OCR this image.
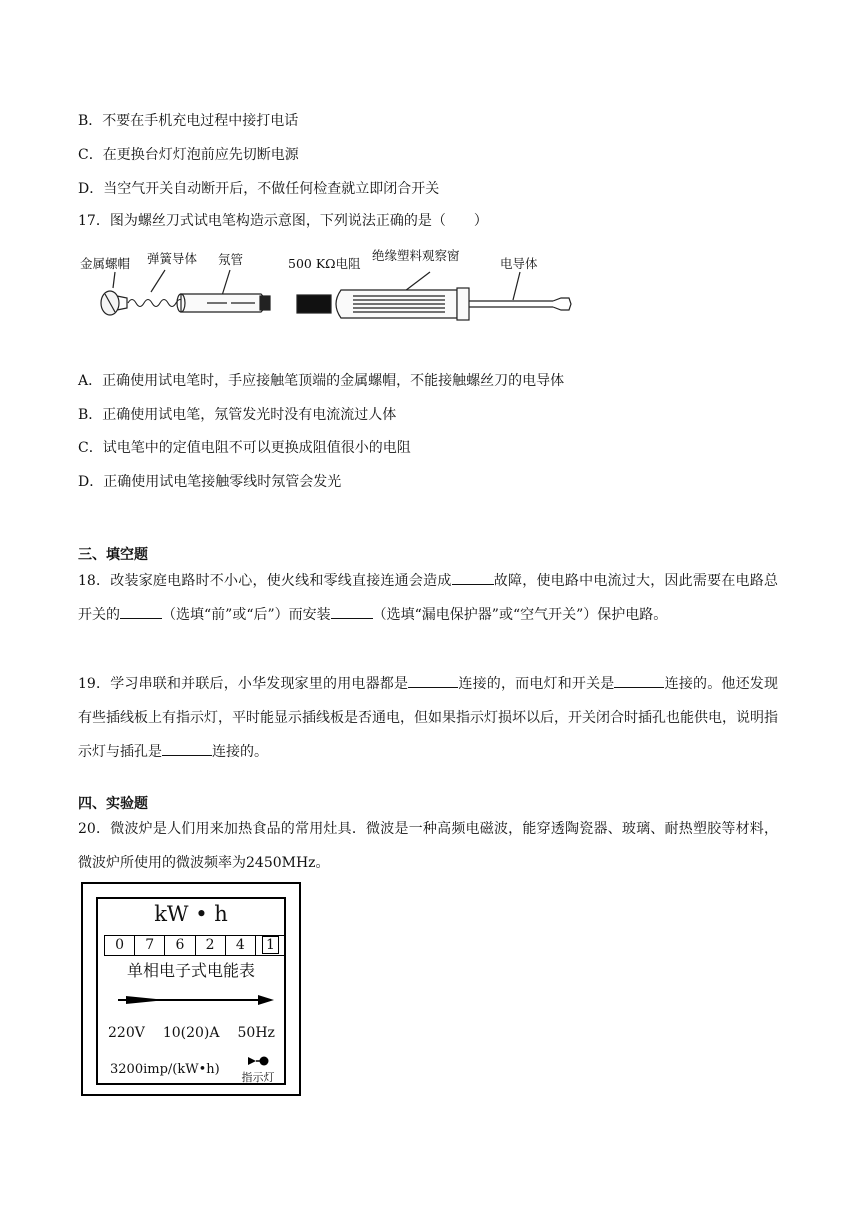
B．不要在手机充电过程中接打电话
C．在更换台灯灯泡前应先切断电源
D．当空气开关自动断开后，不做任何检查就立即闭合开关
17．图为螺丝刀式试电笔构造示意图，下列说法正确的是（　　）
金属螺帽 弹簧导体 氖管	500 KΩ电阻
绝缘塑料观察窗
电导体
A．正确使用试电笔时，手应接触笔顶端的金属螺帽，不能接触螺丝刀的电导体
B．正确使用试电笔，氖管发光时没有电流流过人体
C．试电笔中的定值电阻不可以更换成阻值很小的电阻
D．正确使用试电笔接触零线时氖管会发光
三、填空题
18．改装家庭电路时不小心，使火线和零线直接连通会造成	故障，使电路中电流过大，因此需要在电路总开关的	（选填“前”或“后”）而安装	（选填“漏电保护器”或“空气开关”）保护电路。
19．学习串联和并联后，小华发现家里的用电器都是	连接的，而电灯和开关是	连接的。他还发现有些插线板上有指示灯，平时能显示插线板是否通电，但如果指示灯损坏以后，开关闭合时插孔也能供电，说明指示灯与插孔是	连接的。
四、实验题
20．微波炉是人们用来加热食品的常用灶具．微波是一种高频电磁波，能穿透陶瓷器、玻璃、耐热塑胶等材料，微波炉所使用的微波频率为2450MHz。
kW • h
0	7	6	2	4	1
单相电子式电能表
220V 10(20)A 50Hz
3200imp/(kW•h)
指示灯
